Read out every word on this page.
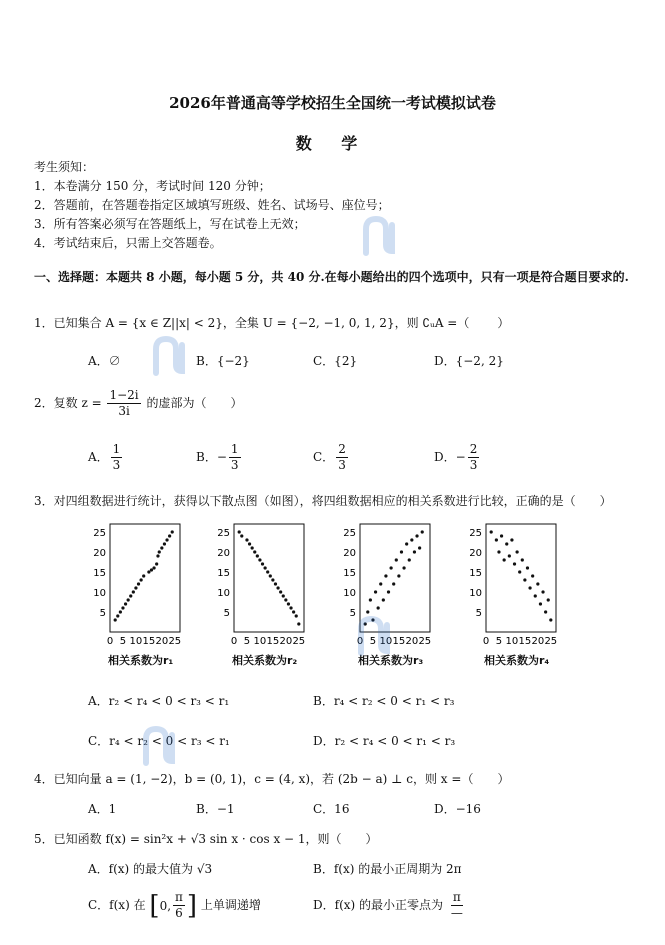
2026年普通高等学校招生全国统一考试模拟试卷
数 学
考生须知：
1．本卷满分 150 分，考试时间 120 分钟；
2．答题前，在答题卷指定区域填写班级、姓名、试场号、座位号；
3．所有答案必须写在答题纸上，写在试卷上无效；
4．考试结束后，只需上交答题卷。
一、选择题：本题共 8 小题，每小题 5 分，共 40 分.在每小题给出的四个选项中，只有一项是符合题目要求的.
1．已知集合 A = {x ∈ Z||x| < 2}，全集 U = {−2, −1, 0, 1, 2}，则 ∁ᵤA =（ ）
A．∅	B．{−2}	C．{2}	D．{−2, 2}
2．复数 $z = \frac{1-2i}{3i}$ 的虚部为（　　）
A． $\frac{1}{3}$	B．− $\frac{1}{3}$	C． $\frac{2}{3}$	D．− $\frac{2}{3}$
3．对四组数据进行统计，获得以下散点图（如图），将四组数据相应的相关系数进行比较，正确的是（　　）
5
10
15
20
25
0 5 10 15 20 25
相关系数为r₁
5
10
15
20
25
0 5 10 15 20 25
相关系数为r₂
5
10
15
20
25
0 5 10 15 20 25
相关系数为r₃
5
10
15
20
25
0 5 10 15 20 25
相关系数为r₄
A．r₂ < r₄ < 0 < r₃ < r₁	B．r₄ < r₂ < 0 < r₁ < r₃
C．r₄ < r₂ < 0 < r₃ < r₁	D．r₂ < r₄ < 0 < r₁ < r₃
4．已知向量 a = (1, −2)，b = (0, 1)，c = (4, x)，若 (2b − a) ⊥ c，则 x =（　　）
A．1	B．−1	C．16	D．−16
5．已知函数 f(x) = sin²x + √3 sin x · cos x − 1，则（　　）
A．f(x) 的最大值为 √3	B．f(x) 的最小正周期为 2π
C．f(x) 在 [ 0, $\frac{\pi}{6}$ ] 上单调递增	D．f(x) 的最小正零点为 $\frac{\pi}{—}$
